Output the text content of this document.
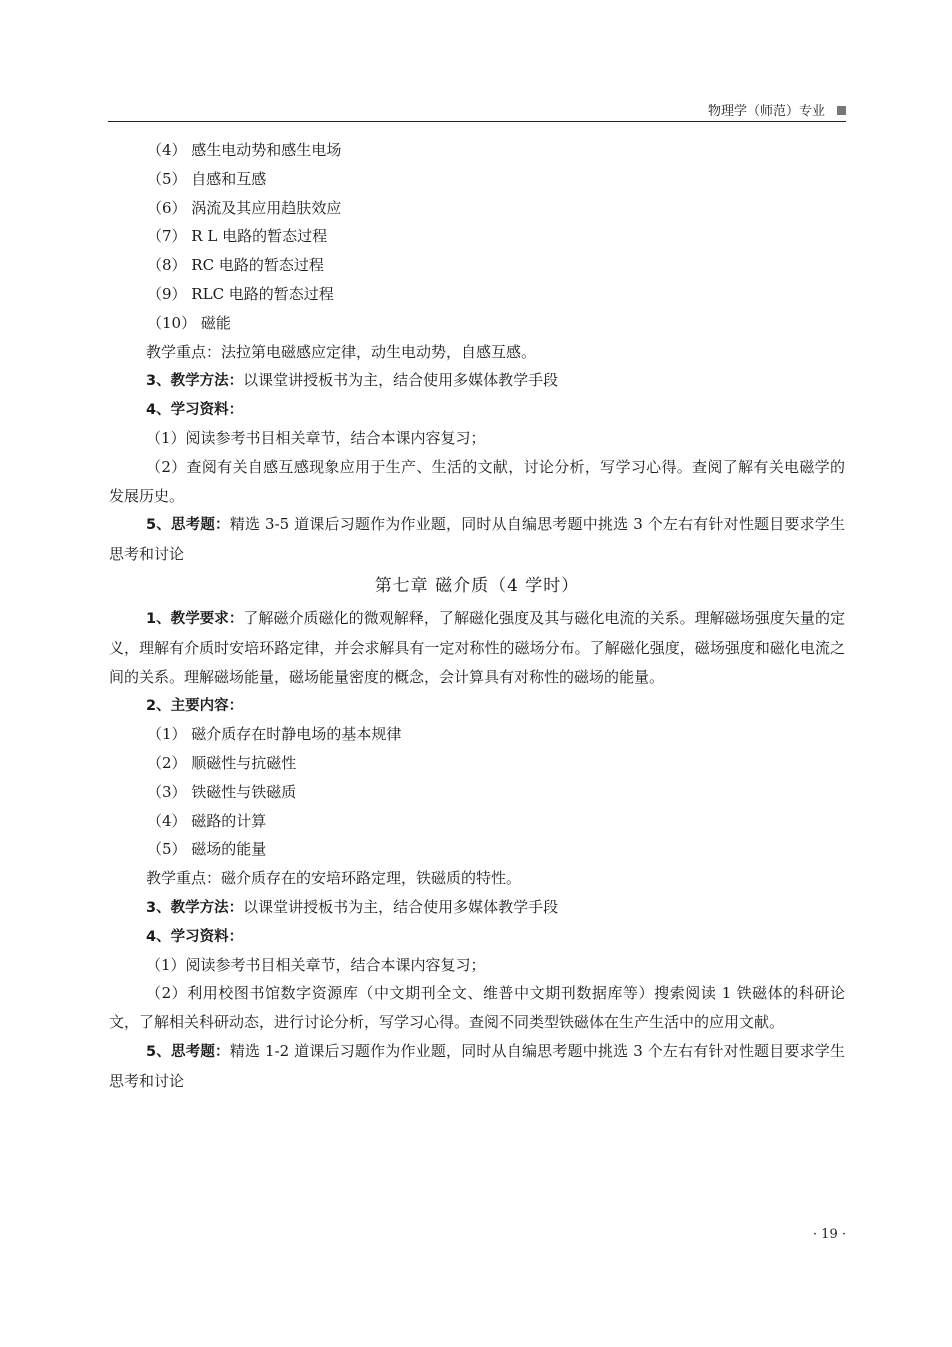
物理学（师范）专业
（4） 感生电动势和感生电场
（5） 自感和互感
（6） 涡流及其应用趋肤效应
（7） R L 电路的暂态过程
（8） RC 电路的暂态过程
（9） RLC 电路的暂态过程
（10） 磁能
教学重点：法拉第电磁感应定律，动生电动势，自感互感。
3、教学方法：以课堂讲授板书为主，结合使用多媒体教学手段
4、学习资料：
（1）阅读参考书目相关章节，结合本课内容复习；
（2）查阅有关自感互感现象应用于生产、生活的文献，讨论分析，写学习心得。查阅了解有关电磁学的发展历史。
5、思考题：精选 3-5 道课后习题作为作业题，同时从自编思考题中挑选 3 个左右有针对性题目要求学生思考和讨论
第七章 磁介质（4 学时）
1、教学要求：了解磁介质磁化的微观解释，了解磁化强度及其与磁化电流的关系。理解磁场强度矢量的定义，理解有介质时安培环路定律，并会求解具有一定对称性的磁场分布。了解磁化强度，磁场强度和磁化电流之间的关系。理解磁场能量，磁场能量密度的概念，会计算具有对称性的磁场的能量。
2、主要内容：
（1） 磁介质存在时静电场的基本规律
（2） 顺磁性与抗磁性
（3） 铁磁性与铁磁质
（4） 磁路的计算
（5） 磁场的能量
教学重点：磁介质存在的安培环路定理，铁磁质的特性。
3、教学方法：以课堂讲授板书为主，结合使用多媒体教学手段
4、学习资料：
（1）阅读参考书目相关章节，结合本课内容复习；
（2）利用校图书馆数字资源库（中文期刊全文、维普中文期刊数据库等）搜索阅读 1 铁磁体的科研论文，了解相关科研动态，进行讨论分析，写学习心得。查阅不同类型铁磁体在生产生活中的应用文献。
5、思考题：精选 1-2 道课后习题作为作业题，同时从自编思考题中挑选 3 个左右有针对性题目要求学生思考和讨论
· 19 ·
